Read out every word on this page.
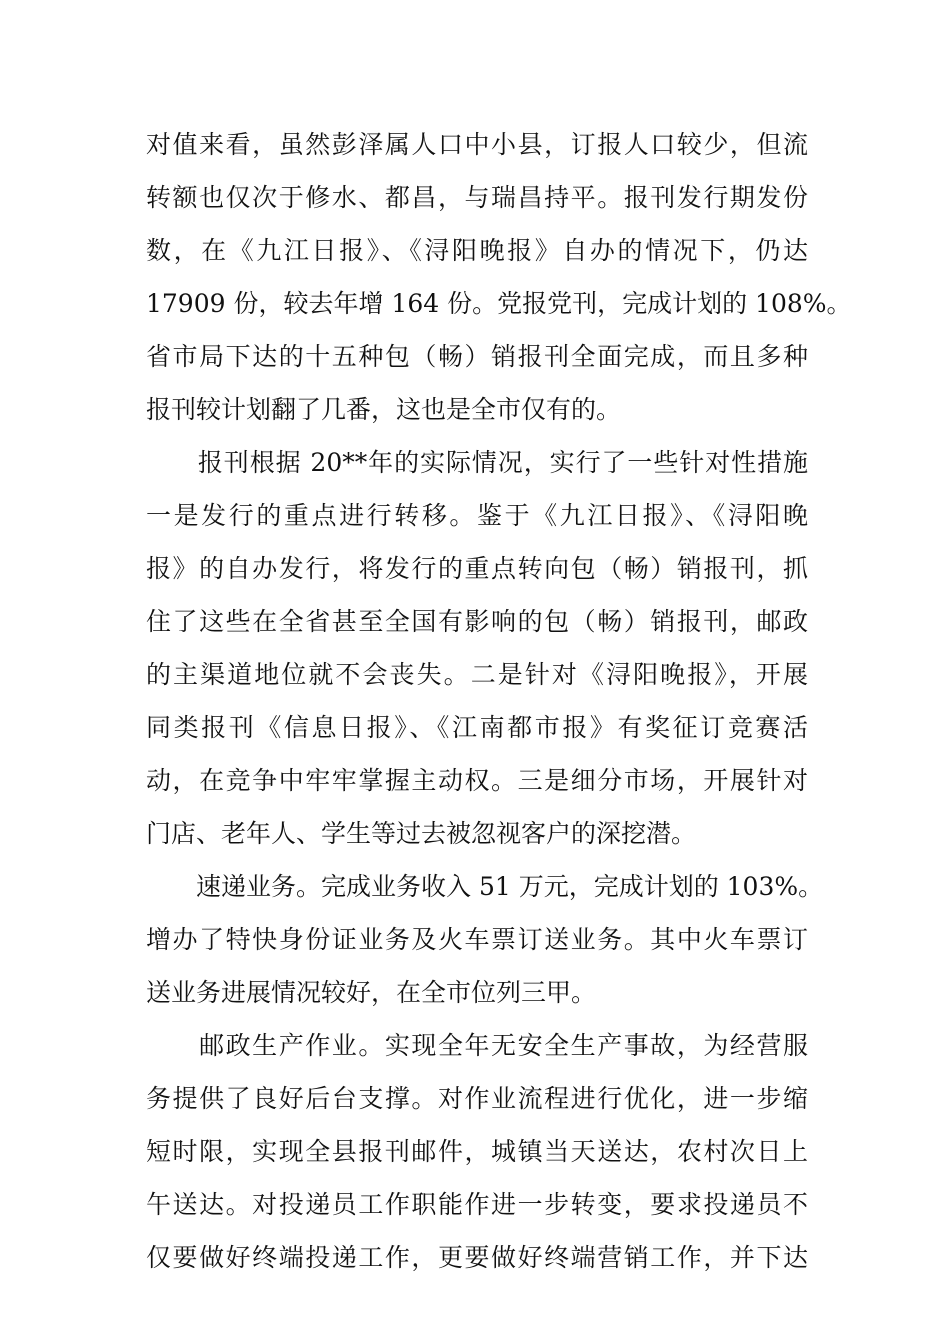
对值来看，虽然彭泽属人口中小县，订报人口较少，但流
转额也仅次于修水、都昌，与瑞昌持平。报刊发行期发份
数，在《九江日报》、《浔阳晚报》自办的情况下，仍达
17909 份，较去年增 164 份。党报党刊，完成计划的 108%。
省市局下达的十五种包（畅）销报刊全面完成，而且多种
报刊较计划翻了几番，这也是全市仅有的。
　　报刊根据 20**年的实际情况，实行了一些针对性措施
一是发行的重点进行转移。鉴于《九江日报》、《浔阳晚
报》的自办发行，将发行的重点转向包（畅）销报刊，抓
住了这些在全省甚至全国有影响的包（畅）销报刊，邮政
的主渠道地位就不会丧失。二是针对《浔阳晚报》，开展
同类报刊《信息日报》、《江南都市报》有奖征订竞赛活
动，在竞争中牢牢掌握主动权。三是细分市场，开展针对
门店、老年人、学生等过去被忽视客户的深挖潜。
　　速递业务。完成业务收入 51 万元，完成计划的 103%。
增办了特快身份证业务及火车票订送业务。其中火车票订
送业务进展情况较好，在全市位列三甲。
　　邮政生产作业。实现全年无安全生产事故，为经营服
务提供了良好后台支撑。对作业流程进行优化，进一步缩
短时限，实现全县报刊邮件，城镇当天送达，农村次日上
午送达。对投递员工作职能作进一步转变，要求投递员不
仅要做好终端投递工作，更要做好终端营销工作，并下达
